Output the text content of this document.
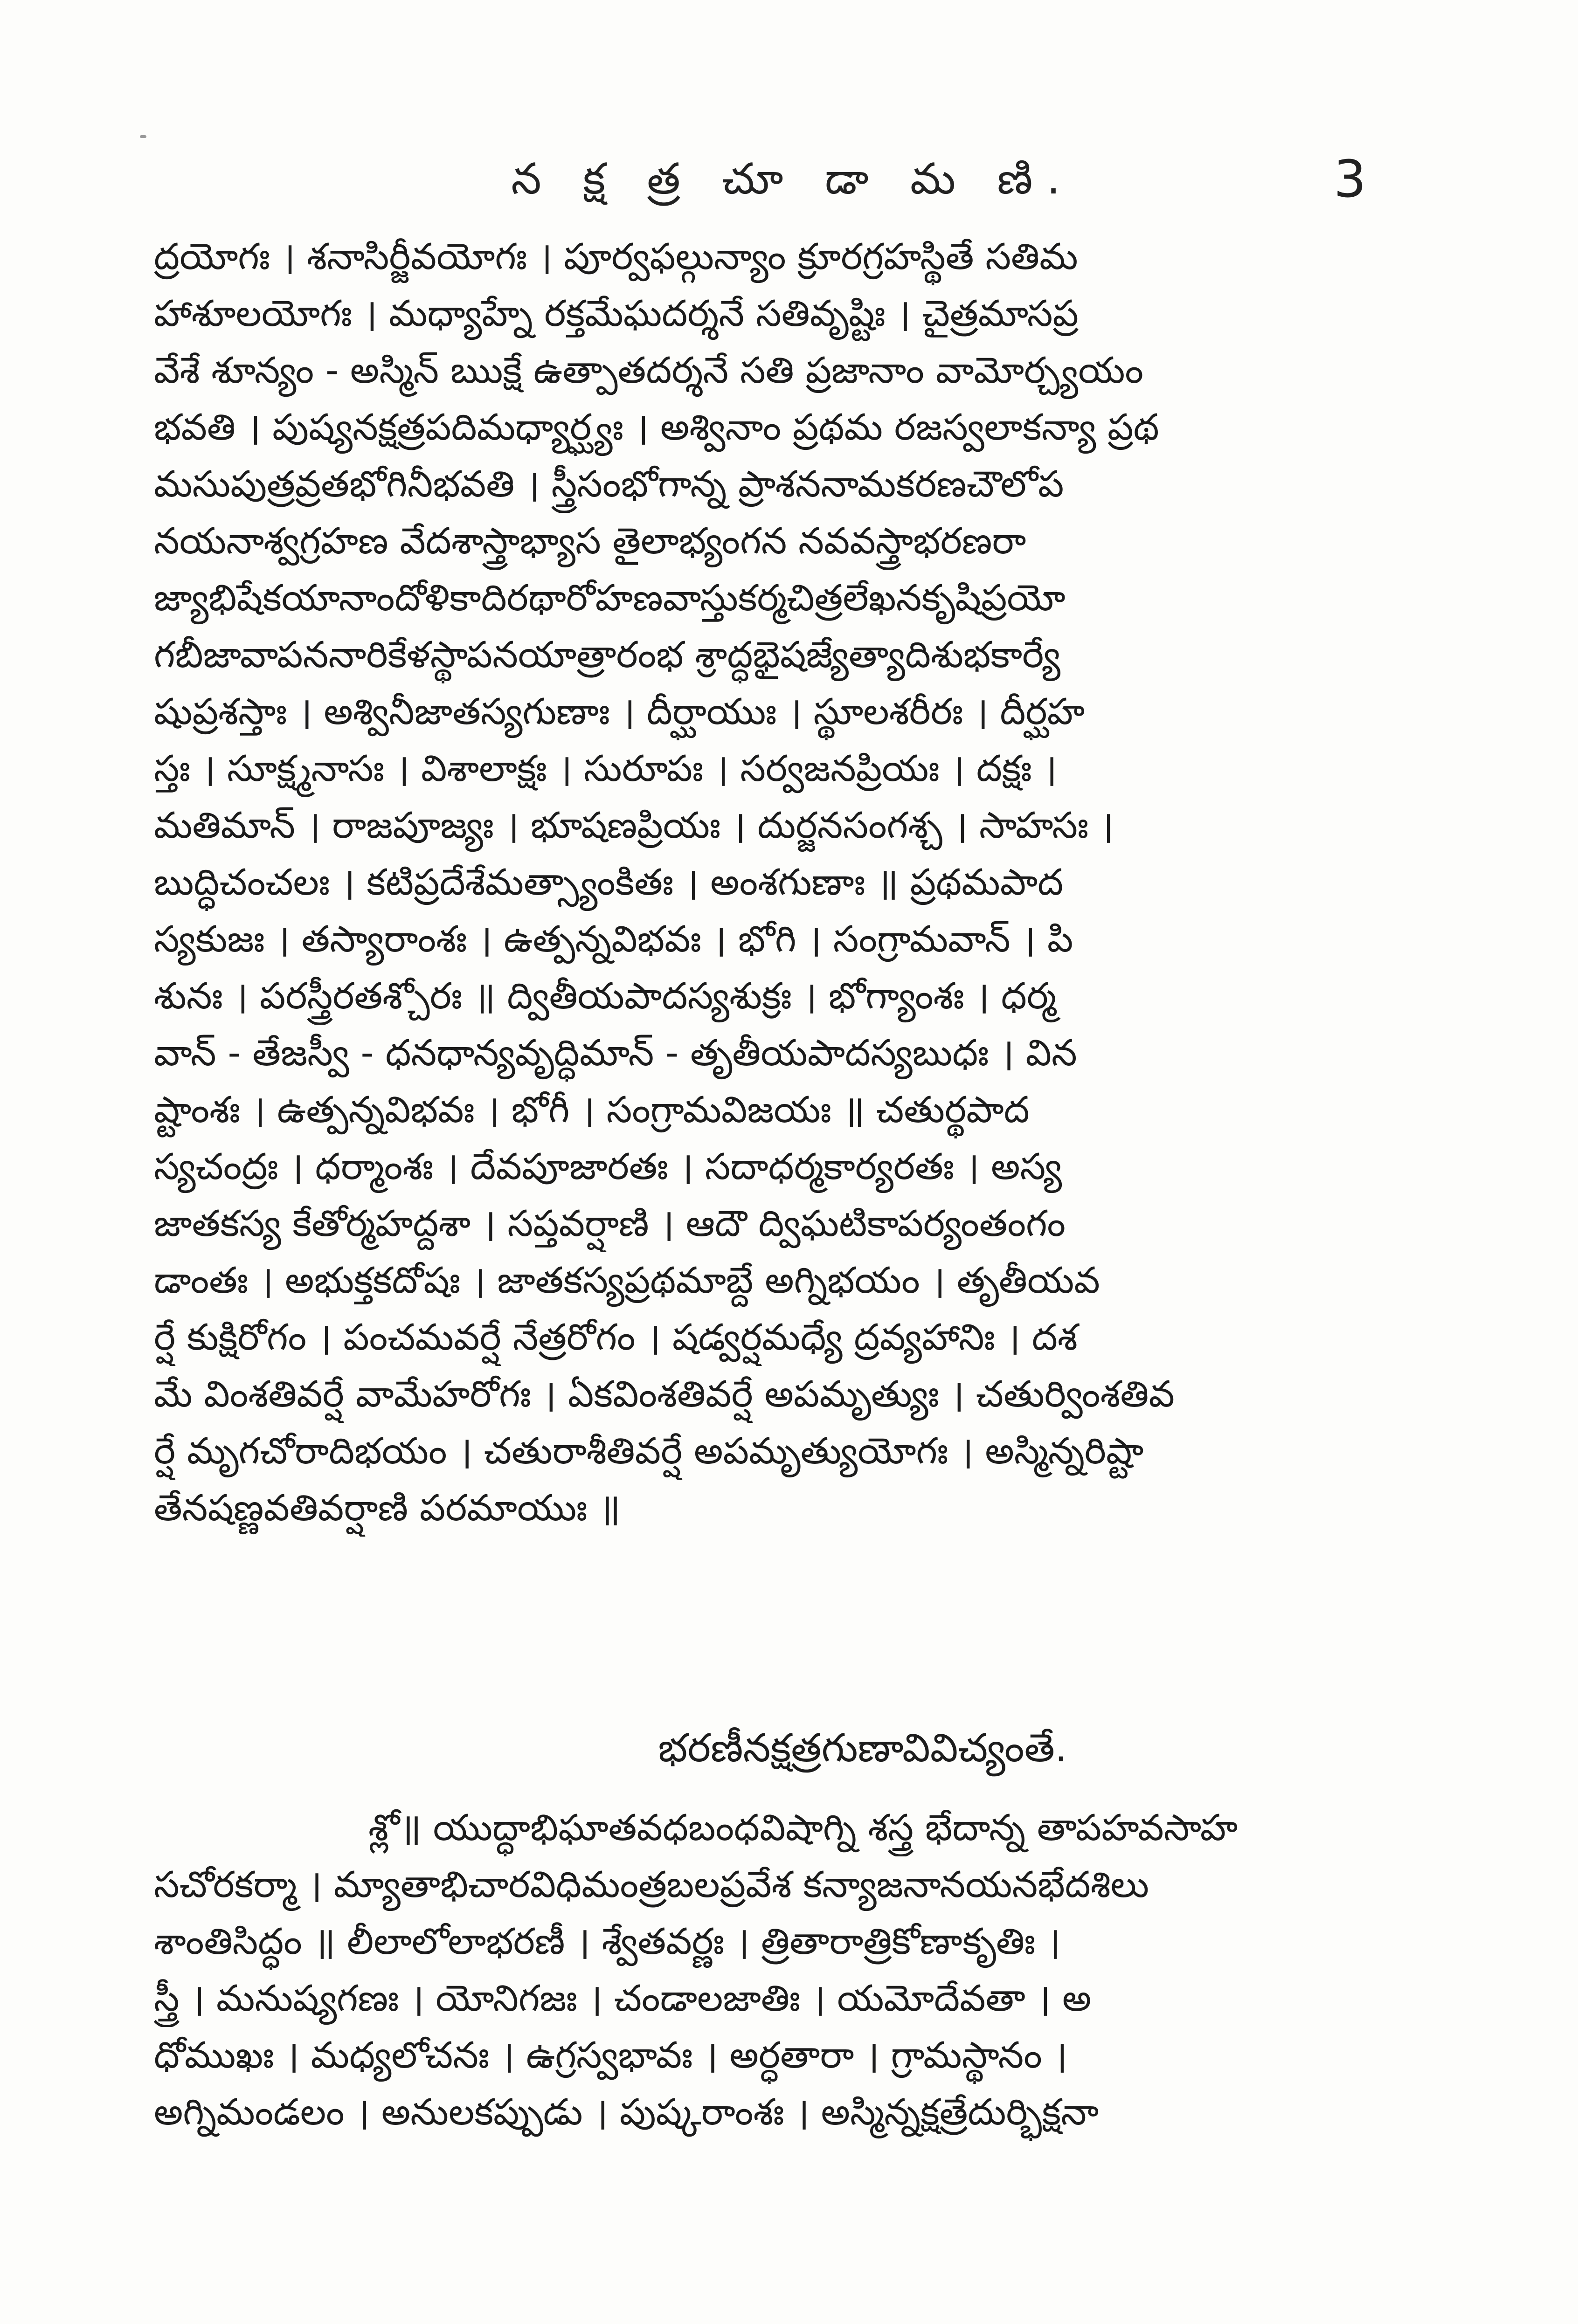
న క్ష త్ర చూ డా మ ణి.	3
ద్రయోగః । శనాసిర్జీవయోగః । పూర్వఫల్గున్యాం క్రూరగ్రహస్థితే సతిమ
హాశూలయోగః । మధ్యాహ్నే రక్తమేఘదర్శనే సతివృష్టిః । చైత్రమాసప్ర
వేశే శూన్యం - అస్మిన్ ఋక్షే ఉత్పాతదర్శనే సతి ప్రజానాం వామోర్చ్యయం
భవతి । పుష్యనక్షత్రపదిమధ్యార్ఘ్యః । అశ్వినాం ప్రథమ రజస్వలాకన్యా ప్రథ
మసుపుత్రవ్రతభోగినీభవతి । స్త్రీసంభోగాన్న ప్రాశననామకరణచౌలోప
నయనాశ్వగ్రహణ వేదశాస్త్రాభ్యాస తైలాభ్యంగన నవవస్త్రాభరణరా
జ్యాభిషేకయానాందోళికాదిరథారోహణవాస్తుకర్మచిత్రలేఖనకృషిప్రయో
గబీజావాపననారికేళస్థాపనయాత్రారంభ శ్రాద్ధభైషజ్యేత్యాదిశుభకార్యే
షుప్రశస్తాః । అశ్వినీజాతస్యగుణాః । దీర్ఘాయుః । స్థూలశరీరః । దీర్ఘహ
స్తః । సూక్ష్మనాసః । విశాలాక్షః । సురూపః । సర్వజనప్రియః । దక్షః ।
మతిమాన్ । రాజపూజ్యః । భూషణప్రియః । దుర్జనసంగశ్చ । సాహసః ।
బుద్ధిచంచలః । కటిప్రదేశేమత్స్యాంకితః । అంశగుణాః ॥ ప్రథమపాద
స్యకుజః । తస్యారాంశః । ఉత్పన్నవిభవః । భోగి । సంగ్రామవాన్ । పి
శునః । పరస్త్రీరతశ్చోరః ॥ ద్వితీయపాదస్యశుక్రః । భోగ్యాంశః । ధర్మ
వాన్ - తేజస్వీ - ధనధాన్యవృద్ధిమాన్ - తృతీయపాదస్యబుధః । విన
ష్టాంశః । ఉత్పన్నవిభవః । భోగీ । సంగ్రామవిజయః ॥ చతుర్థపాద
స్యచంద్రః । ధర్మాంశః । దేవపూజారతః । సదాధర్మకార్యరతః । అస్య
జాతకస్య కేతోర్మహద్దశా । సప్తవర్షాణి । ఆదౌ ద్విఘటికాపర్యంతంగం
డాంతః । అభుక్తకదోషః । జాతకస్యప్రథమాబ్దే అగ్నిభయం । తృతీయవ
ర్షే కుక్షిరోగం । పంచమవర్షే నేత్రరోగం । షడ్వర్షమధ్యే ద్రవ్యహానిః । దశ
మే వింశతివర్షే వామేహరోగః । ఏకవింశతివర్షే అపమృత్యుః । చతుర్వింశతివ
ర్షే మృగచోరాదిభయం । చతురాశీతివర్షే అపమృత్యుయోగః । అస్మిన్నరిష్టా
తేనషణ్ణవతివర్షాణి పరమాయుః ॥
భరణీనక్షత్రగుణావివిచ్యంతే.
శ్లో॥ యుద్ధాభిఘాతవధబంధవిషాగ్ని శస్త్ర భేదాన్న తాపహవసాహ
సచోరకర్మా । మ్యాతాభిచారవిధిమంత్రబలప్రవేశ కన్యాజనానయనభేదశిలు
శాంతిసిద్ధం ॥ లీలాలోలాభరణీ । శ్వేతవర్ణః । త్రితారాత్రికోణాకృతిః ।
స్త్రీ । మనుష్యగణః । యోనిగజః । చండాలజాతిః । యమోదేవతా । అ
ధోముఖః । మధ్యలోచనః । ఉగ్రస్వభావః । అర్ధతారా । గ్రామస్థానం ।
అగ్నిమండలం । అనులకప్పుడు । పుష్కరాంశః । అస్మిన్నక్షత్రేదుర్భిక్షనా
